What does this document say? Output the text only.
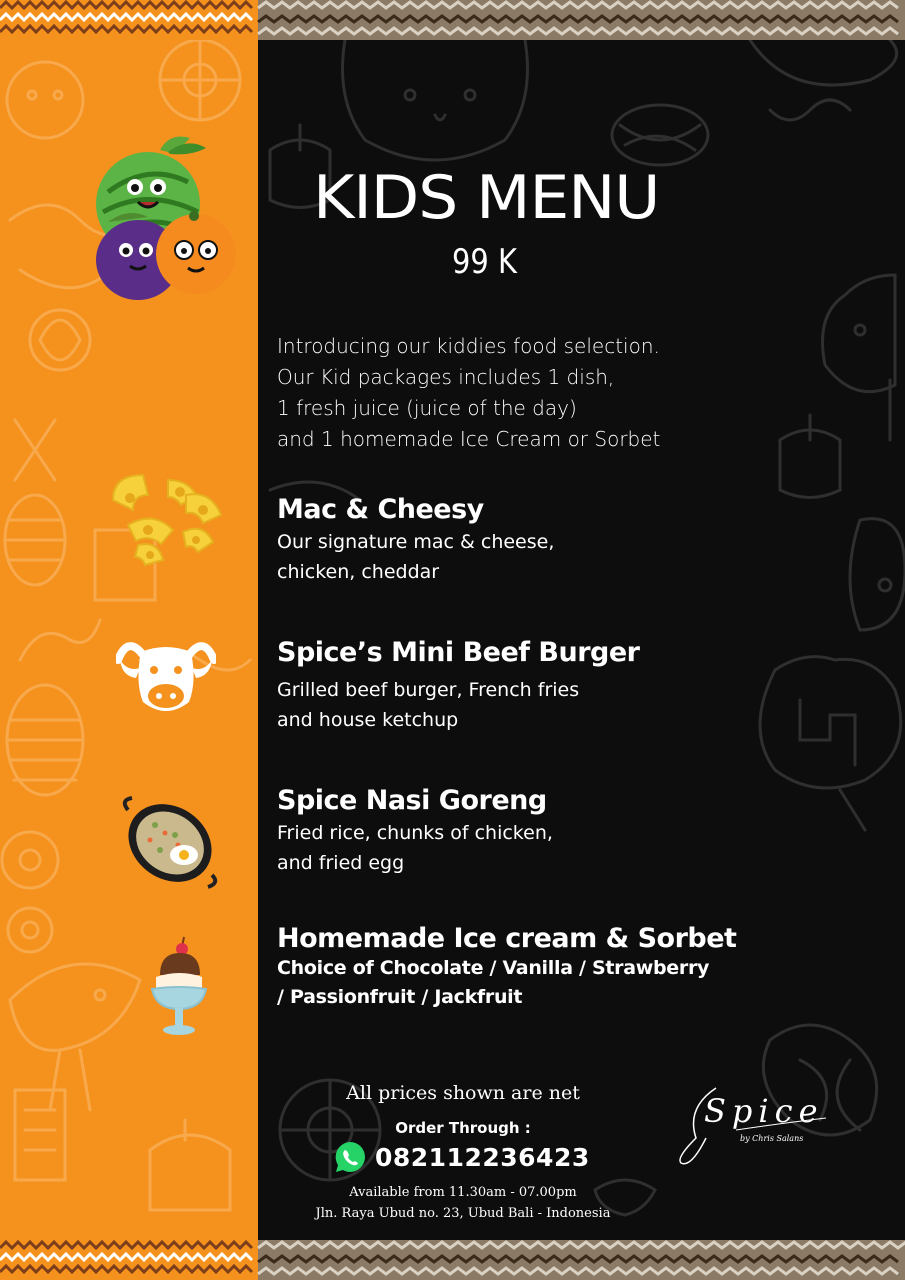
KIDS MENU
99 K
Introducing our kiddies food selection.
Our Kid packages includes 1 dish,
1 fresh juice (juice of the day)
and 1 homemade Ice Cream or Sorbet
Mac & Cheesy
Our signature mac & cheese,
chicken, cheddar
Spice’s Mini Beef Burger
Grilled beef burger, French fries
and house ketchup
Spice Nasi Goreng
Fried rice, chunks of chicken,
and fried egg
Homemade Ice cream & Sorbet
Choice of Chocolate / Vanilla / Strawberry
/ Passionfruit / Jackfruit
All prices shown are net
Order Through :
082112236423
Available from 11.30am - 07.00pm
Jln. Raya Ubud no. 23, Ubud Bali - Indonesia
Spice
by Chris Salans
